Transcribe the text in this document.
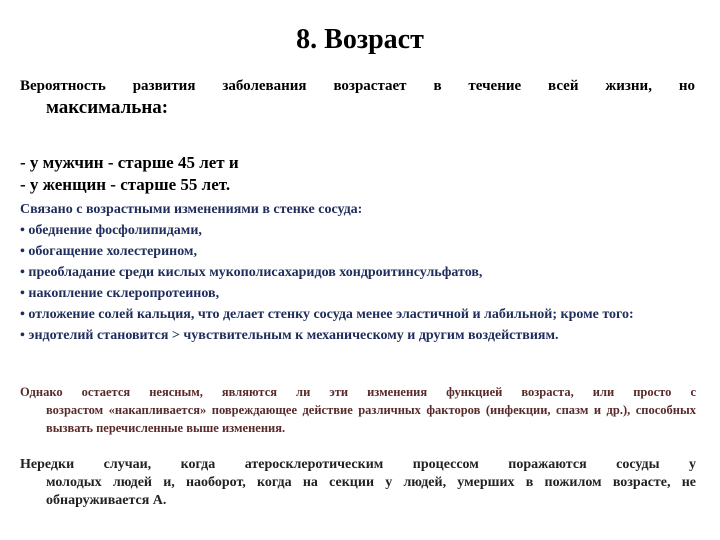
8. Возраст
Вероятность развития заболевания возрастает в течение всей жизни, но
максимальна:
- у мужчин - старше 45 лет и
- у женщин - старше 55 лет.
Связано с возрастными изменениями в стенке сосуда:
• обеднение фосфолипидами,
• обогащение холестерином,
• преобладание среди кислых мукополисахаридов хондроитинсульфатов,
• накопление склеропротеинов,
• отложение солей кальция, что делает стенку сосуда менее эластичной и лабильной; кроме того:
• эндотелий становится > чувствительным к механическому и другим воздействиям.
Однако остается неясным, являются ли эти изменения функцией возраста, или просто с
возрастом «накапливается» повреждающее действие различных факторов (инфекции, спазм и др.), способных вызвать перечисленные выше изменения.
Нередки случаи, когда атеросклеротическим процессом поражаются сосуды у
молодых людей и, наоборот, когда на секции у людей, умерших в пожилом возрасте, не обнаруживается А.
